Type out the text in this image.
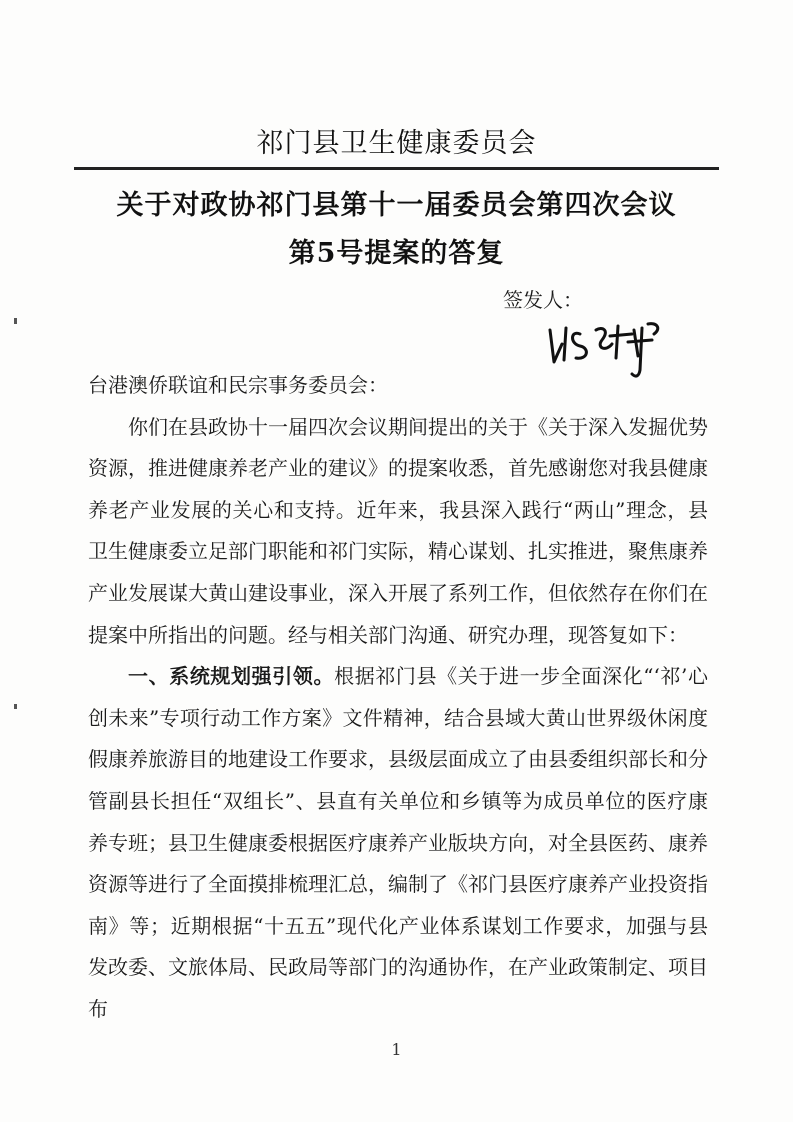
祁门县卫生健康委员会
关于对政协祁门县第十一届委员会第四次会议
第5号提案的答复
签发人：

台港澳侨联谊和民宗事务委员会：

你们在县政协十一届四次会议期间提出的关于《关于深入发掘优势资源，推进健康养老产业的建议》的提案收悉，首先感谢您对我县健康养老产业发展的关心和支持。近年来，我县深入践行“两山”理念，县卫生健康委立足部门职能和祁门实际，精心谋划、扎实推进，聚焦康养产业发展谋大黄山建设事业，深入开展了系列工作，但依然存在你们在提案中所指出的问题。经与相关部门沟通、研究办理，现答复如下：

一、系统规划强引领。根据祁门县《关于进一步全面深化“‘祁’心创未来”专项行动工作方案》文件精神，结合县域大黄山世界级休闲度假康养旅游目的地建设工作要求，县级层面成立了由县委组织部长和分管副县长担任“双组长”、县直有关单位和乡镇等为成员单位的医疗康养专班；县卫生健康委根据医疗康养产业版块方向，对全县医药、康养资源等进行了全面摸排梳理汇总，编制了《祁门县医疗康养产业投资指南》等；近期根据“十五五”现代化产业体系谋划工作要求，加强与县发改委、文旅体局、民政局等部门的沟通协作，在产业政策制定、项目布

1
